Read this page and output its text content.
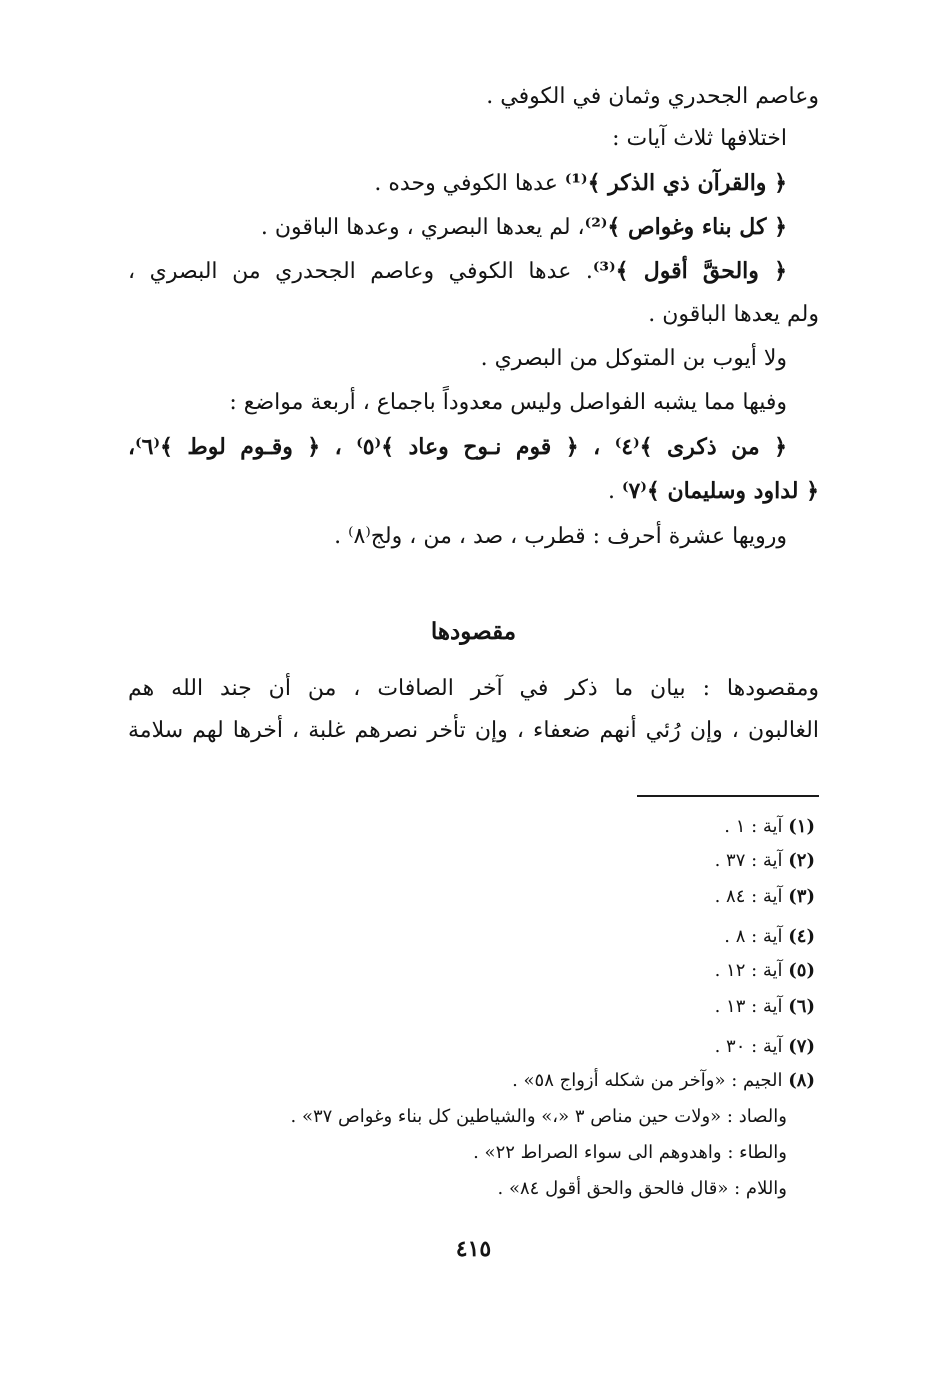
وعاصم الجحدري وثمان في الكوفي .
اختلافها ثلاث آيات :
﴿ والقرآن ذي الذكر ﴾⁽¹⁾ عدها الكوفي وحده .
﴿ كل بناء وغواص ﴾⁽²⁾، لم يعدها البصري ، وعدها الباقون .
﴿ والحقَّ أقول ﴾⁽³⁾. عدها الكوفي وعاصم الجحدري من البصري ،
ولم يعدها الباقون .
ولا أيوب بن المتوكل من البصري .
وفيها مما يشبه الفواصل وليس معدوداً باجماع ، أربعة مواضع :
﴿ من ذكرى ﴾⁽٤⁾ ، ﴿ قوم نـوح وعاد ﴾⁽٥⁾ ، ﴿ وقـوم لوط ﴾⁽٦⁾،
﴿ لداود وسليمان ﴾⁽٧⁾ .
ورويها عشرة أحرف : قطرب ، صد ، من ، ولج⁽٨⁾ .
مقصودها
ومقصودها : بيان ما ذكر في آخر الصافات ، من أن جند الله هم
الغالبون ، وإن رُئي أنهم ضعفاء ، وإن تأخر نصرهم غلبة ، أخرها لهم سلامة
(١) آية : ١ .
(٢) آية : ٣٧ .
(٣) آية : ٨٤ .
(٤) آية : ٨ .
(٥) آية : ١٢ .
(٦) آية : ١٣ .
(٧) آية : ٣٠ .
(٨) الجيم : «وآخر من شكله أزواج ٥٨» .
والصاد : «ولات حين مناص ٣ «،» والشياطين كل بناء وغواص ٣٧» .
والطاء : واهدوهم الى سواء الصراط ٢٢» .
واللام : «قال فالحق والحق أقول ٨٤» .
٤١٥
